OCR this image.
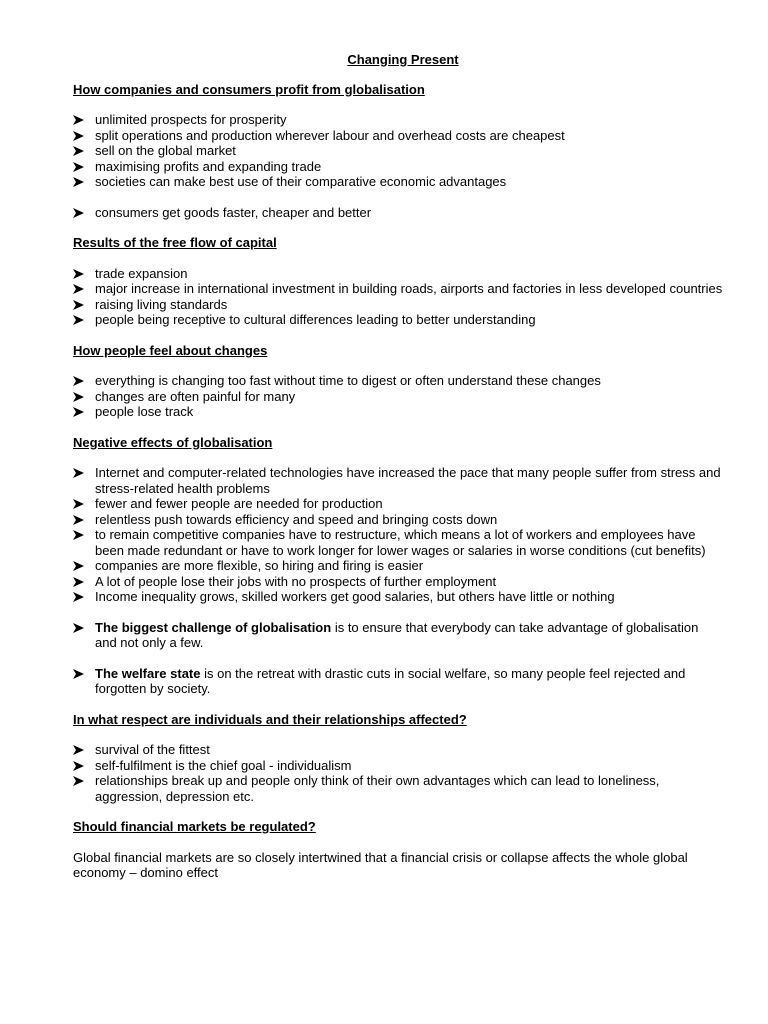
Changing Present
How companies and consumers profit from globalisation
unlimited prospects for prosperity
split operations and production wherever labour and overhead costs are cheapest
sell on the global market
maximising profits and expanding trade
societies can make best use of their comparative economic advantages
consumers get goods faster, cheaper and better
Results of the free flow of capital
trade expansion
major increase in international investment in building roads, airports and factories in less developed countries
raising living standards
people being receptive to cultural differences leading to better understanding
How people feel about changes
everything is changing too fast without time to digest or often understand these changes
changes are often painful for many
people lose track
Negative effects of globalisation
Internet and computer-related technologies have increased the pace that many people suffer from stress and stress-related health problems
fewer and fewer people are needed for production
relentless push towards efficiency and speed and bringing costs down
to remain competitive companies have to restructure, which means a lot of workers and employees have been made redundant or have to work longer for lower wages or salaries in worse conditions (cut benefits)
companies are more flexible, so hiring and firing is easier
A lot of people lose their jobs with no prospects of further employment
Income inequality grows, skilled workers get good salaries, but others have little or nothing
The biggest challenge of globalisation is to ensure that everybody can take advantage of globalisation and not only a few.
The welfare state is on the retreat with drastic cuts in social welfare, so many people feel rejected and forgotten by society.
In what respect are individuals and their relationships affected?
survival of the fittest
self-fulfilment is the chief goal - individualism
relationships break up and people only think of their own advantages which can lead to loneliness, aggression, depression etc.
Should financial markets be regulated?

Global financial markets are so closely intertwined that a financial crisis or collapse affects the whole global economy – domino effect
